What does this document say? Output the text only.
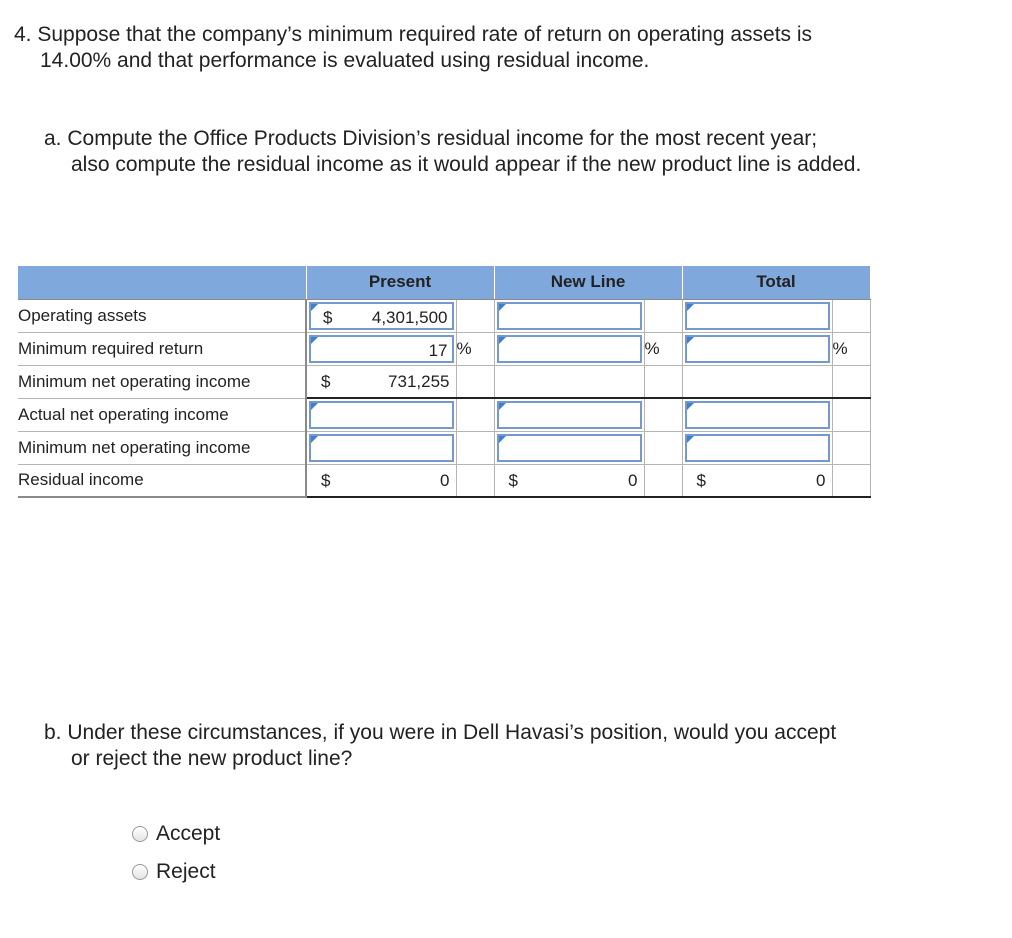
4. Suppose that the company’s minimum required rate of return on operating assets is
14.00% and that performance is evaluated using residual income.
a. Compute the Office Products Division’s residual income for the most recent year;
also compute the residual income as it would appear if the new product line is added.
	Present		New Line		Total	
Operating assets	$ 4,301,500					

Minimum required return	17	%		%		%
Minimum net operating income	$ 731,255					

Actual net operating income	

Minimum net operating income	

Residual income	$ 0		$ 0		$ 0	

b. Under these circumstances, if you were in Dell Havasi’s position, would you accept
or reject the new product line?
Accept
Reject
